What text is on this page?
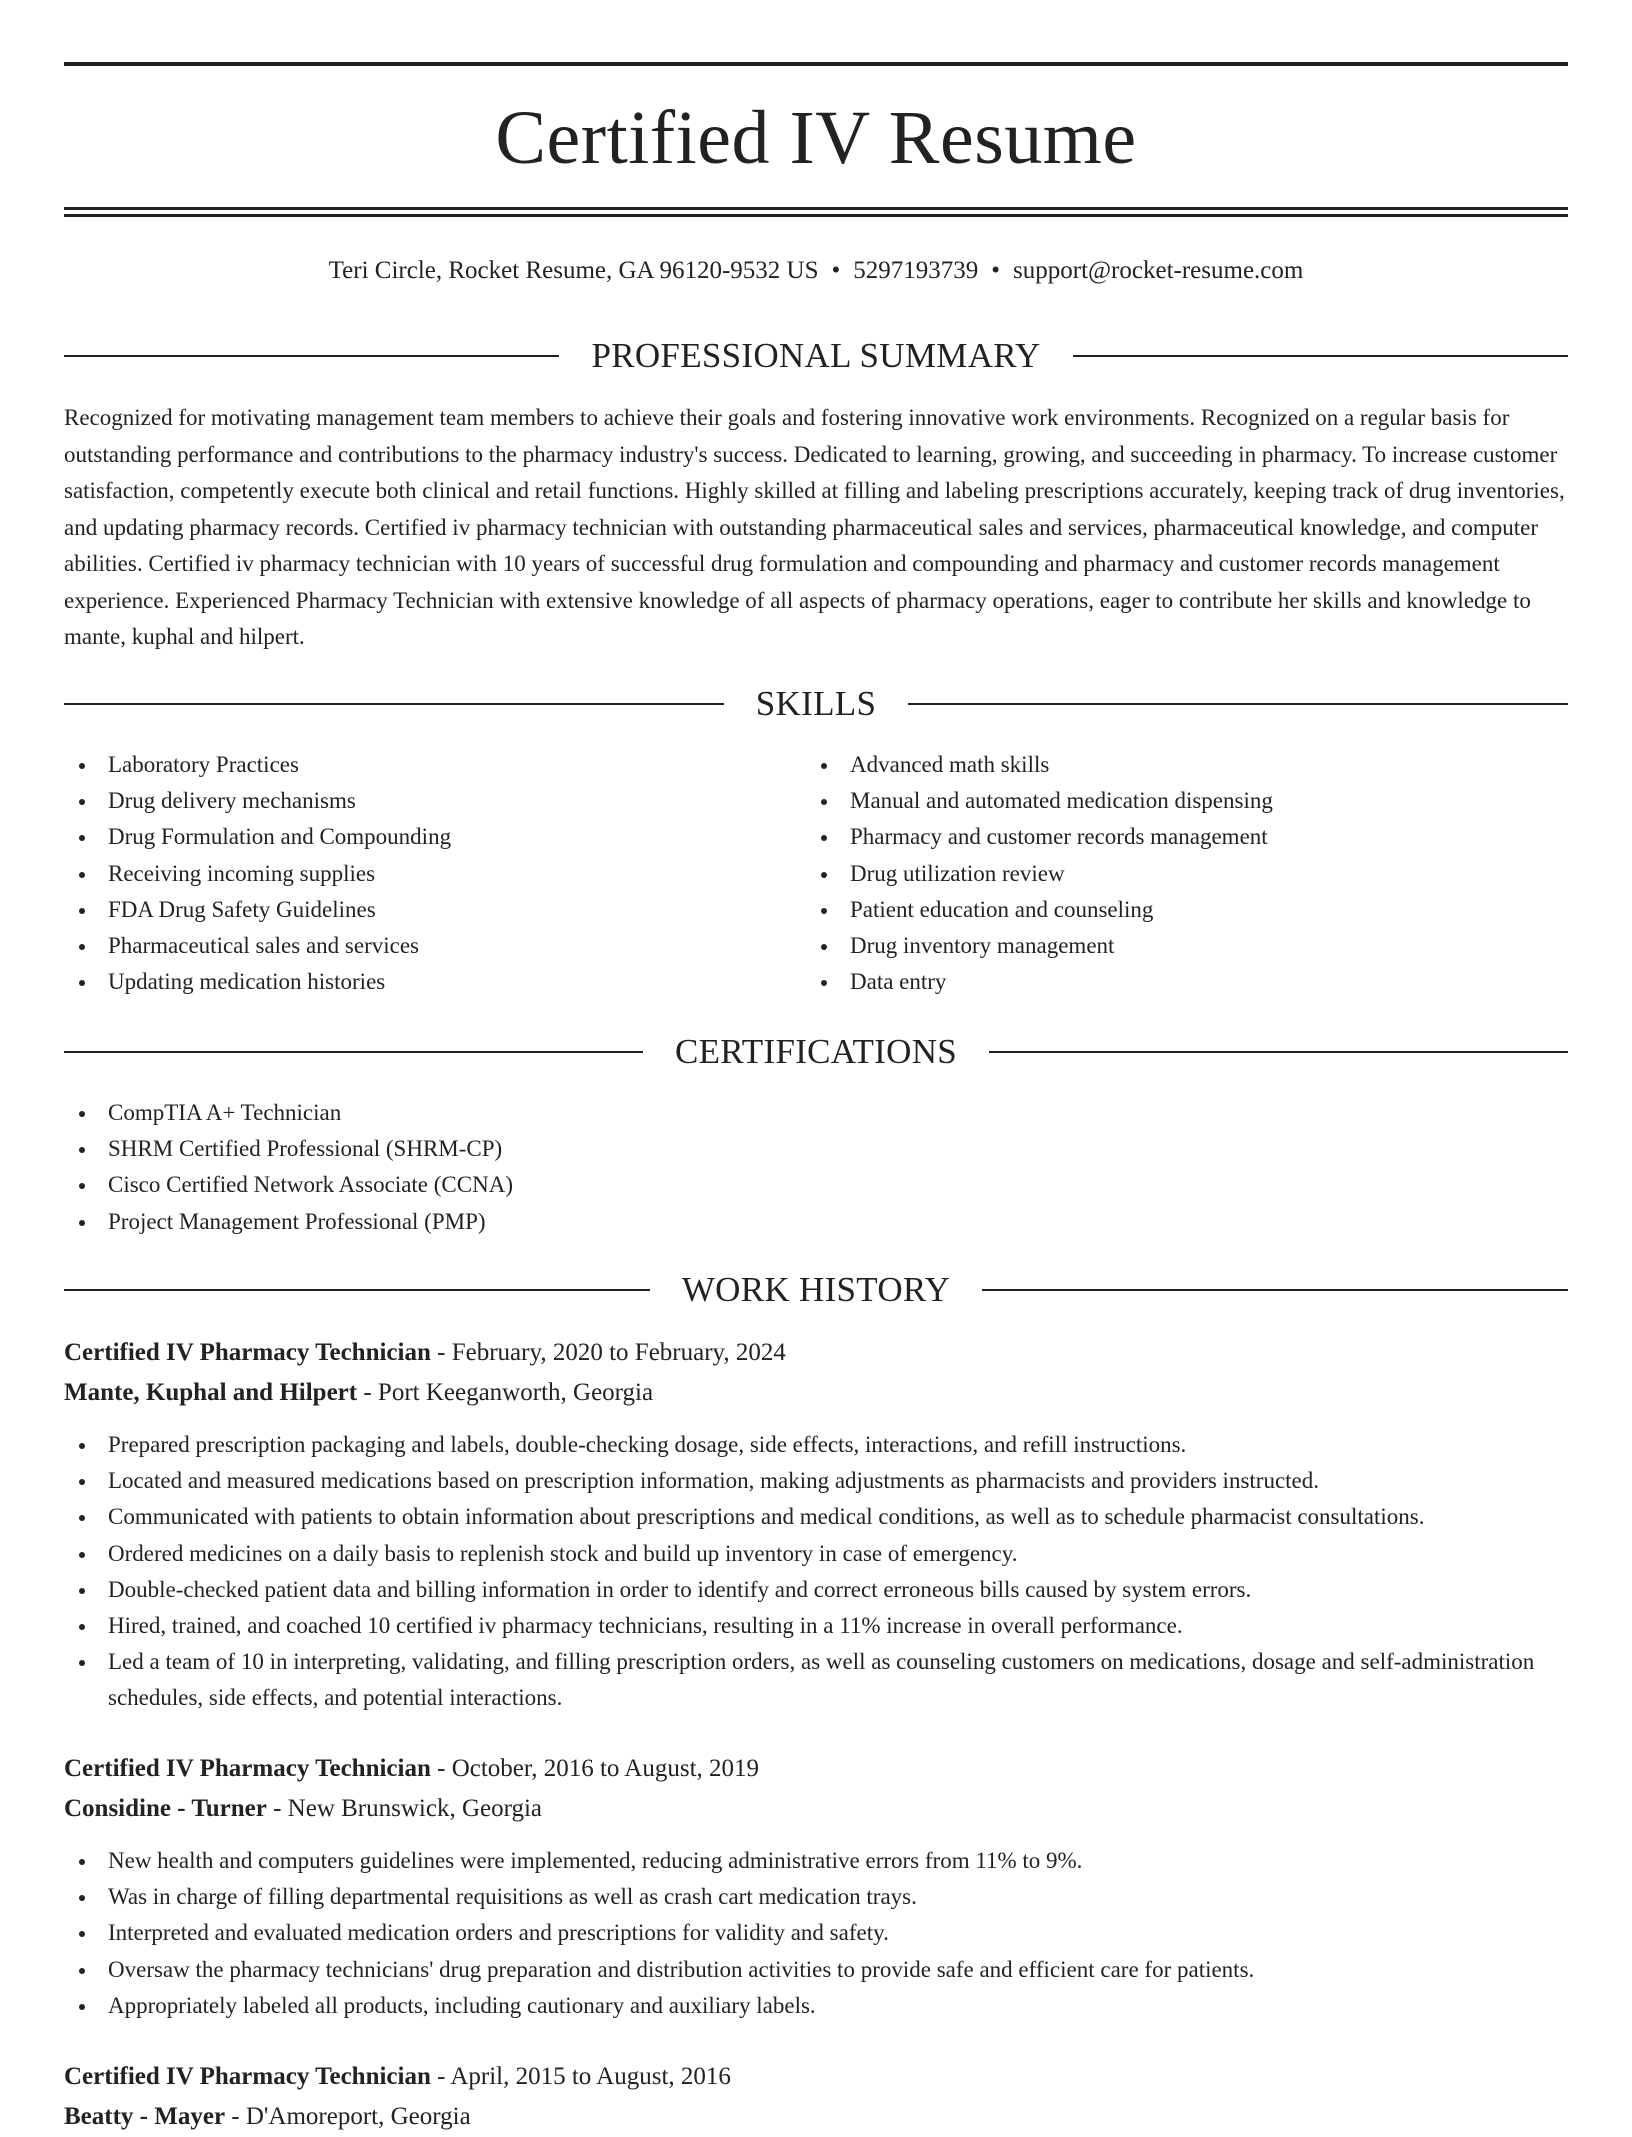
Certified IV Resume
Teri Circle, Rocket Resume, GA 96120-9532 US • 5297193739 • support@rocket-resume.com
PROFESSIONAL SUMMARY

Recognized for motivating management team members to achieve their goals and fostering innovative work environments. Recognized on a regular basis for outstanding performance and contributions to the pharmacy industry's success. Dedicated to learning, growing, and succeeding in pharmacy. To increase customer satisfaction, competently execute both clinical and retail functions. Highly skilled at filling and labeling prescriptions accurately, keeping track of drug inventories, and updating pharmacy records. Certified iv pharmacy technician with outstanding pharmaceutical sales and services, pharmaceutical knowledge, and computer abilities. Certified iv pharmacy technician with 10 years of successful drug formulation and compounding and pharmacy and customer records management experience. Experienced Pharmacy Technician with extensive knowledge of all aspects of pharmacy operations, eager to contribute her skills and knowledge to mante, kuphal and hilpert.

SKILLS
Laboratory Practices
Drug delivery mechanisms
Drug Formulation and Compounding
Receiving incoming supplies
FDA Drug Safety Guidelines
Pharmaceutical sales and services
Updating medication histories
Advanced math skills
Manual and automated medication dispensing
Pharmacy and customer records management
Drug utilization review
Patient education and counseling
Drug inventory management
Data entry
CERTIFICATIONS
CompTIA A+ Technician
SHRM Certified Professional (SHRM-CP)
Cisco Certified Network Associate (CCNA)
Project Management Professional (PMP)
WORK HISTORY
Certified IV Pharmacy Technician - February, 2020 to February, 2024
Mante, Kuphal and Hilpert - Port Keeganworth, Georgia
Prepared prescription packaging and labels, double-checking dosage, side effects, interactions, and refill instructions.
Located and measured medications based on prescription information, making adjustments as pharmacists and providers instructed.
Communicated with patients to obtain information about prescriptions and medical conditions, as well as to schedule pharmacist consultations.
Ordered medicines on a daily basis to replenish stock and build up inventory in case of emergency.
Double-checked patient data and billing information in order to identify and correct erroneous bills caused by system errors.
Hired, trained, and coached 10 certified iv pharmacy technicians, resulting in a 11% increase in overall performance.
Led a team of 10 in interpreting, validating, and filling prescription orders, as well as counseling customers on medications, dosage and self-administration schedules, side effects, and potential interactions.
Certified IV Pharmacy Technician - October, 2016 to August, 2019
Considine - Turner - New Brunswick, Georgia
New health and computers guidelines were implemented, reducing administrative errors from 11% to 9%.
Was in charge of filling departmental requisitions as well as crash cart medication trays.
Interpreted and evaluated medication orders and prescriptions for validity and safety.
Oversaw the pharmacy technicians' drug preparation and distribution activities to provide safe and efficient care for patients.
Appropriately labeled all products, including cautionary and auxiliary labels.
Certified IV Pharmacy Technician - April, 2015 to August, 2016
Beatty - Mayer - D'Amoreport, Georgia
